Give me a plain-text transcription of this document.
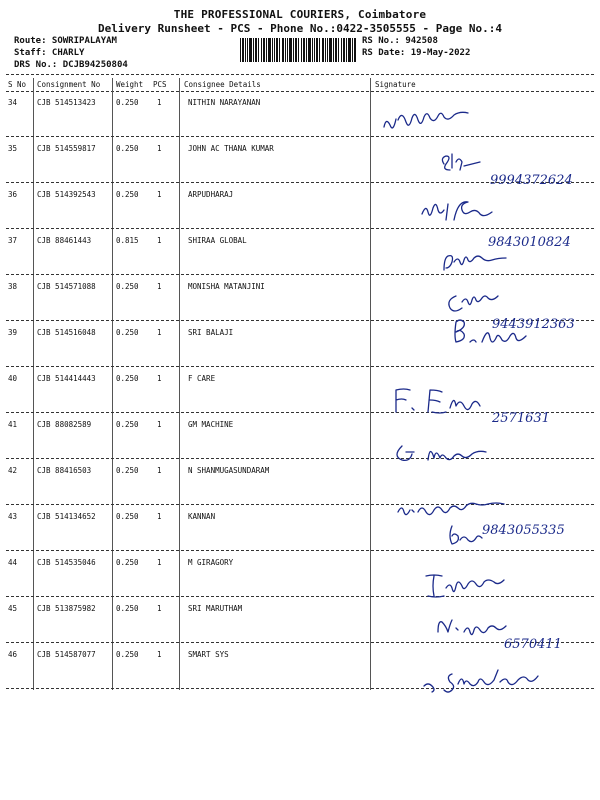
THE PROFESSIONAL COURIERS, Coimbatore
Delivery Runsheet - PCS - Phone No.:0422-3505555 - Page No.:4
Route: SOWRIPALAYAM
Staff: CHARLY
DRS No.: DCJB94250804
RS No.: 942508
RS Date: 19-May-2022
S No Consignment No Weight PCS Consignee Details	Signature
34	CJB 514513423	0.250 1	NITHIN NARAYANAN
35	CJB 514559817	0.250 1	JOHN AC THANA KUMAR
36	CJB 514392543	0.250 1	ARPUDHARAJ
37	CJB 88461443	0.815 1	SHIRAA GLOBAL
38	CJB 514571088	0.250 1	MONISHA MATANJINI
39	CJB 514516048	0.250 1	SRI BALAJI
40	CJB 514414443	0.250 1	F CARE
41	CJB 88082589	0.250 1	GM MACHINE
42	CJB 88416503	0.250 1	N SHANMUGASUNDARAM
43	CJB 514134652	0.250 1	KANNAN
44	CJB 514535046	0.250 1	M GIRAGORY
45	CJB 513875982	0.250 1	SRI MARUTHAM
46	CJB 514587077	0.250 1	SMART SYS
9994372624
9843010824
9443912363
2571631
9843055335
6570411
